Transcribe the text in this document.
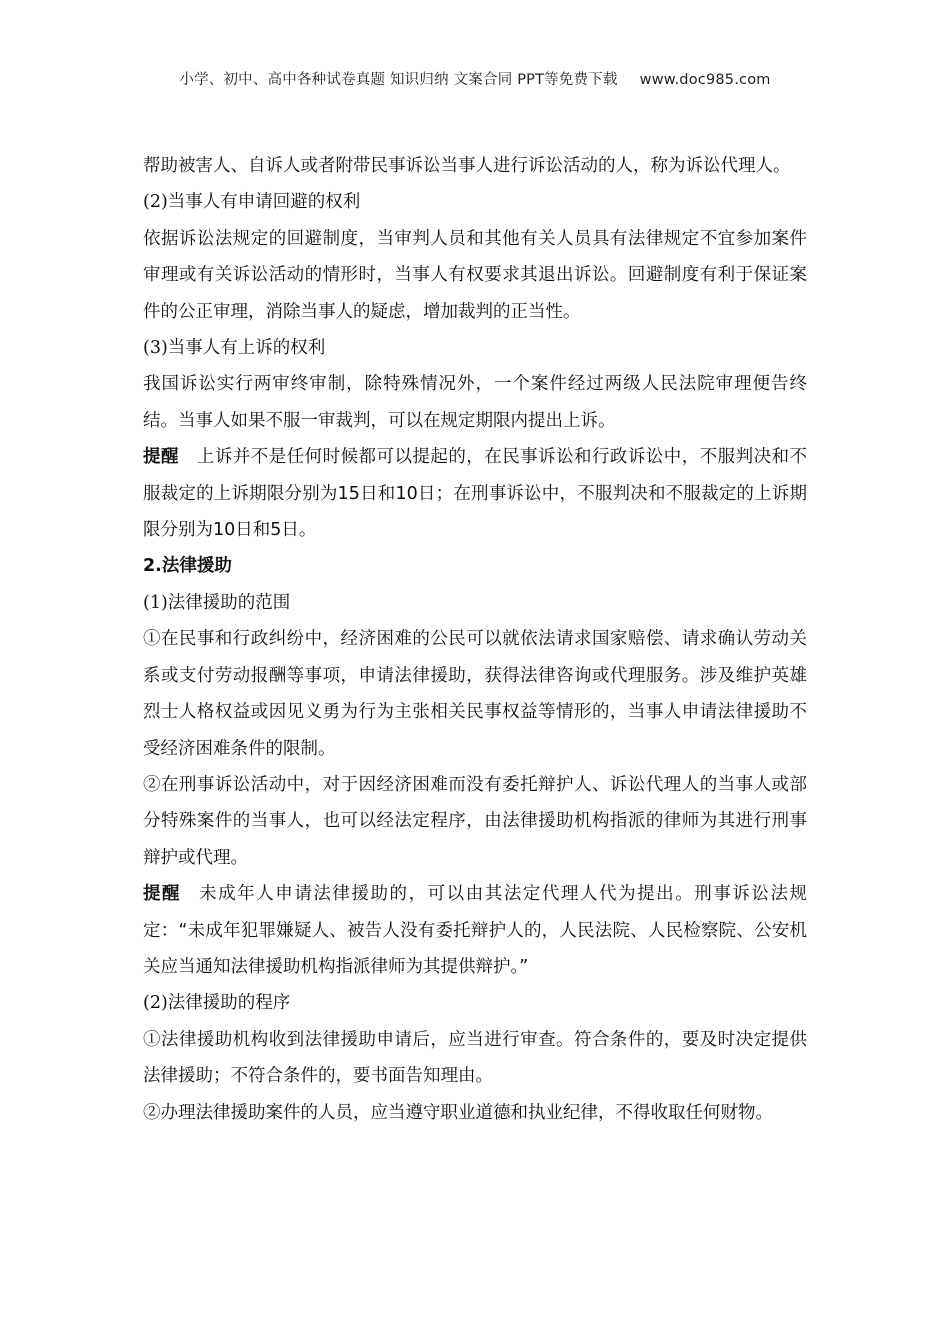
小学、初中、高中各种试卷真题 知识归纳 文案合同 PPT等免费下载 www.doc985.com

帮助被害人、自诉人或者附带民事诉讼当事人进行诉讼活动的人，称为诉讼代理人。

(2)当事人有申请回避的权利

依据诉讼法规定的回避制度，当审判人员和其他有关人员具有法律规定不宜参加案件审理或有关诉讼活动的情形时，当事人有权要求其退出诉讼。回避制度有利于保证案件的公正审理，消除当事人的疑虑，增加裁判的正当性。

(3)当事人有上诉的权利

我国诉讼实行两审终审制，除特殊情况外，一个案件经过两级人民法院审理便告终结。当事人如果不服一审裁判，可以在规定期限内提出上诉。

提醒 上诉并不是任何时候都可以提起的，在民事诉讼和行政诉讼中，不服判决和不服裁定的上诉期限分别为15日和10日；在刑事诉讼中，不服判决和不服裁定的上诉期限分别为10日和5日。

2.法律援助

(1)法律援助的范围

①在民事和行政纠纷中，经济困难的公民可以就依法请求国家赔偿、请求确认劳动关系或支付劳动报酬等事项，申请法律援助，获得法律咨询或代理服务。涉及维护英雄烈士人格权益或因见义勇为行为主张相关民事权益等情形的，当事人申请法律援助不受经济困难条件的限制。

②在刑事诉讼活动中，对于因经济困难而没有委托辩护人、诉讼代理人的当事人或部分特殊案件的当事人，也可以经法定程序，由法律援助机构指派的律师为其进行刑事辩护或代理。

提醒 未成年人申请法律援助的，可以由其法定代理人代为提出。刑事诉讼法规定：“未成年犯罪嫌疑人、被告人没有委托辩护人的，人民法院、人民检察院、公安机关应当通知法律援助机构指派律师为其提供辩护。”

(2)法律援助的程序

①法律援助机构收到法律援助申请后，应当进行审查。符合条件的，要及时决定提供法律援助；不符合条件的，要书面告知理由。

②办理法律援助案件的人员，应当遵守职业道德和执业纪律，不得收取任何财物。
